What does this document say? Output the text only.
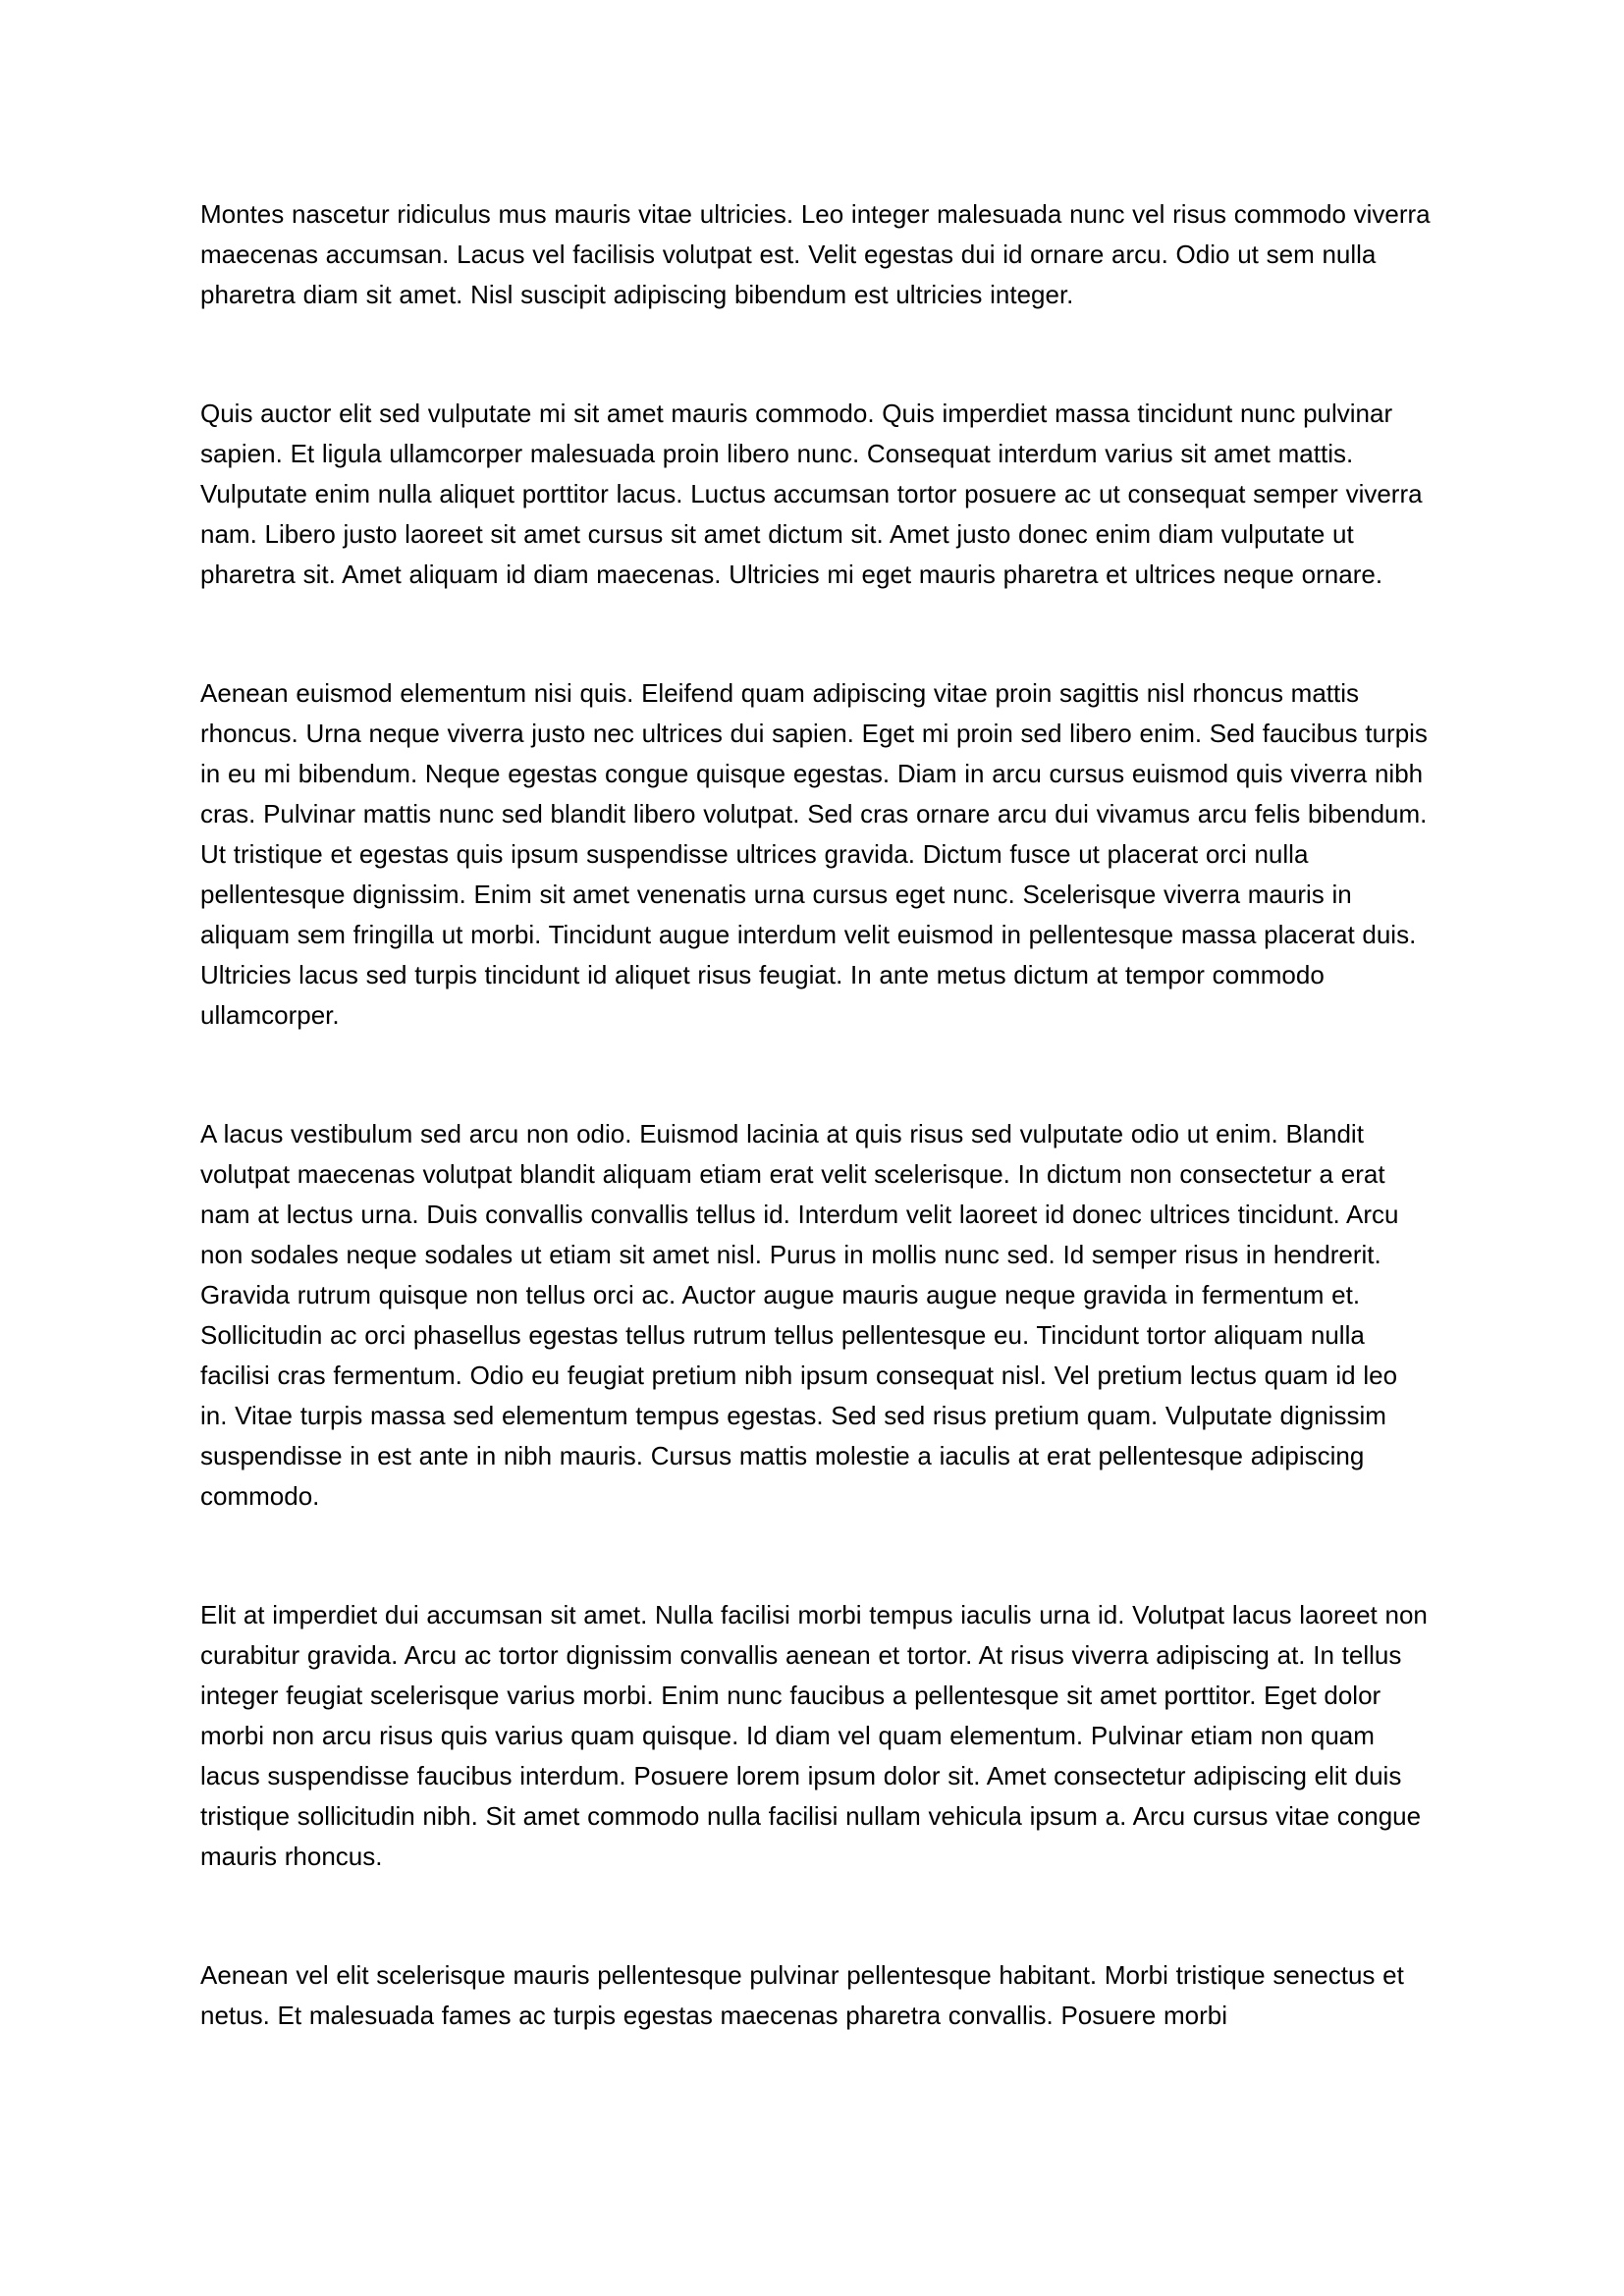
Montes nascetur ridiculus mus mauris vitae ultricies. Leo integer malesuada nunc vel risus commodo viverra maecenas accumsan. Lacus vel facilisis volutpat est. Velit egestas dui id ornare arcu. Odio ut sem nulla pharetra diam sit amet. Nisl suscipit adipiscing bibendum est ultricies integer.

Quis auctor elit sed vulputate mi sit amet mauris commodo. Quis imperdiet massa tincidunt nunc pulvinar sapien. Et ligula ullamcorper malesuada proin libero nunc. Consequat interdum varius sit amet mattis. Vulputate enim nulla aliquet porttitor lacus. Luctus accumsan tortor posuere ac ut consequat semper viverra nam. Libero justo laoreet sit amet cursus sit amet dictum sit. Amet justo donec enim diam vulputate ut pharetra sit. Amet aliquam id diam maecenas. Ultricies mi eget mauris pharetra et ultrices neque ornare.

Aenean euismod elementum nisi quis. Eleifend quam adipiscing vitae proin sagittis nisl rhoncus mattis rhoncus. Urna neque viverra justo nec ultrices dui sapien. Eget mi proin sed libero enim. Sed faucibus turpis in eu mi bibendum. Neque egestas congue quisque egestas. Diam in arcu cursus euismod quis viverra nibh cras. Pulvinar mattis nunc sed blandit libero volutpat. Sed cras ornare arcu dui vivamus arcu felis bibendum. Ut tristique et egestas quis ipsum suspendisse ultrices gravida. Dictum fusce ut placerat orci nulla pellentesque dignissim. Enim sit amet venenatis urna cursus eget nunc. Scelerisque viverra mauris in aliquam sem fringilla ut morbi. Tincidunt augue interdum velit euismod in pellentesque massa placerat duis. Ultricies lacus sed turpis tincidunt id aliquet risus feugiat. In ante metus dictum at tempor commodo ullamcorper.

A lacus vestibulum sed arcu non odio. Euismod lacinia at quis risus sed vulputate odio ut enim. Blandit volutpat maecenas volutpat blandit aliquam etiam erat velit scelerisque. In dictum non consectetur a erat nam at lectus urna. Duis convallis convallis tellus id. Interdum velit laoreet id donec ultrices tincidunt. Arcu non sodales neque sodales ut etiam sit amet nisl. Purus in mollis nunc sed. Id semper risus in hendrerit. Gravida rutrum quisque non tellus orci ac. Auctor augue mauris augue neque gravida in fermentum et. Sollicitudin ac orci phasellus egestas tellus rutrum tellus pellentesque eu. Tincidunt tortor aliquam nulla facilisi cras fermentum. Odio eu feugiat pretium nibh ipsum consequat nisl. Vel pretium lectus quam id leo in. Vitae turpis massa sed elementum tempus egestas. Sed sed risus pretium quam. Vulputate dignissim suspendisse in est ante in nibh mauris. Cursus mattis molestie a iaculis at erat pellentesque adipiscing commodo.

Elit at imperdiet dui accumsan sit amet. Nulla facilisi morbi tempus iaculis urna id. Volutpat lacus laoreet non curabitur gravida. Arcu ac tortor dignissim convallis aenean et tortor. At risus viverra adipiscing at. In tellus integer feugiat scelerisque varius morbi. Enim nunc faucibus a pellentesque sit amet porttitor. Eget dolor morbi non arcu risus quis varius quam quisque. Id diam vel quam elementum. Pulvinar etiam non quam lacus suspendisse faucibus interdum. Posuere lorem ipsum dolor sit. Amet consectetur adipiscing elit duis tristique sollicitudin nibh. Sit amet commodo nulla facilisi nullam vehicula ipsum a. Arcu cursus vitae congue mauris rhoncus.

Aenean vel elit scelerisque mauris pellentesque pulvinar pellentesque habitant. Morbi tristique senectus et netus. Et malesuada fames ac turpis egestas maecenas pharetra convallis. Posuere morbi
